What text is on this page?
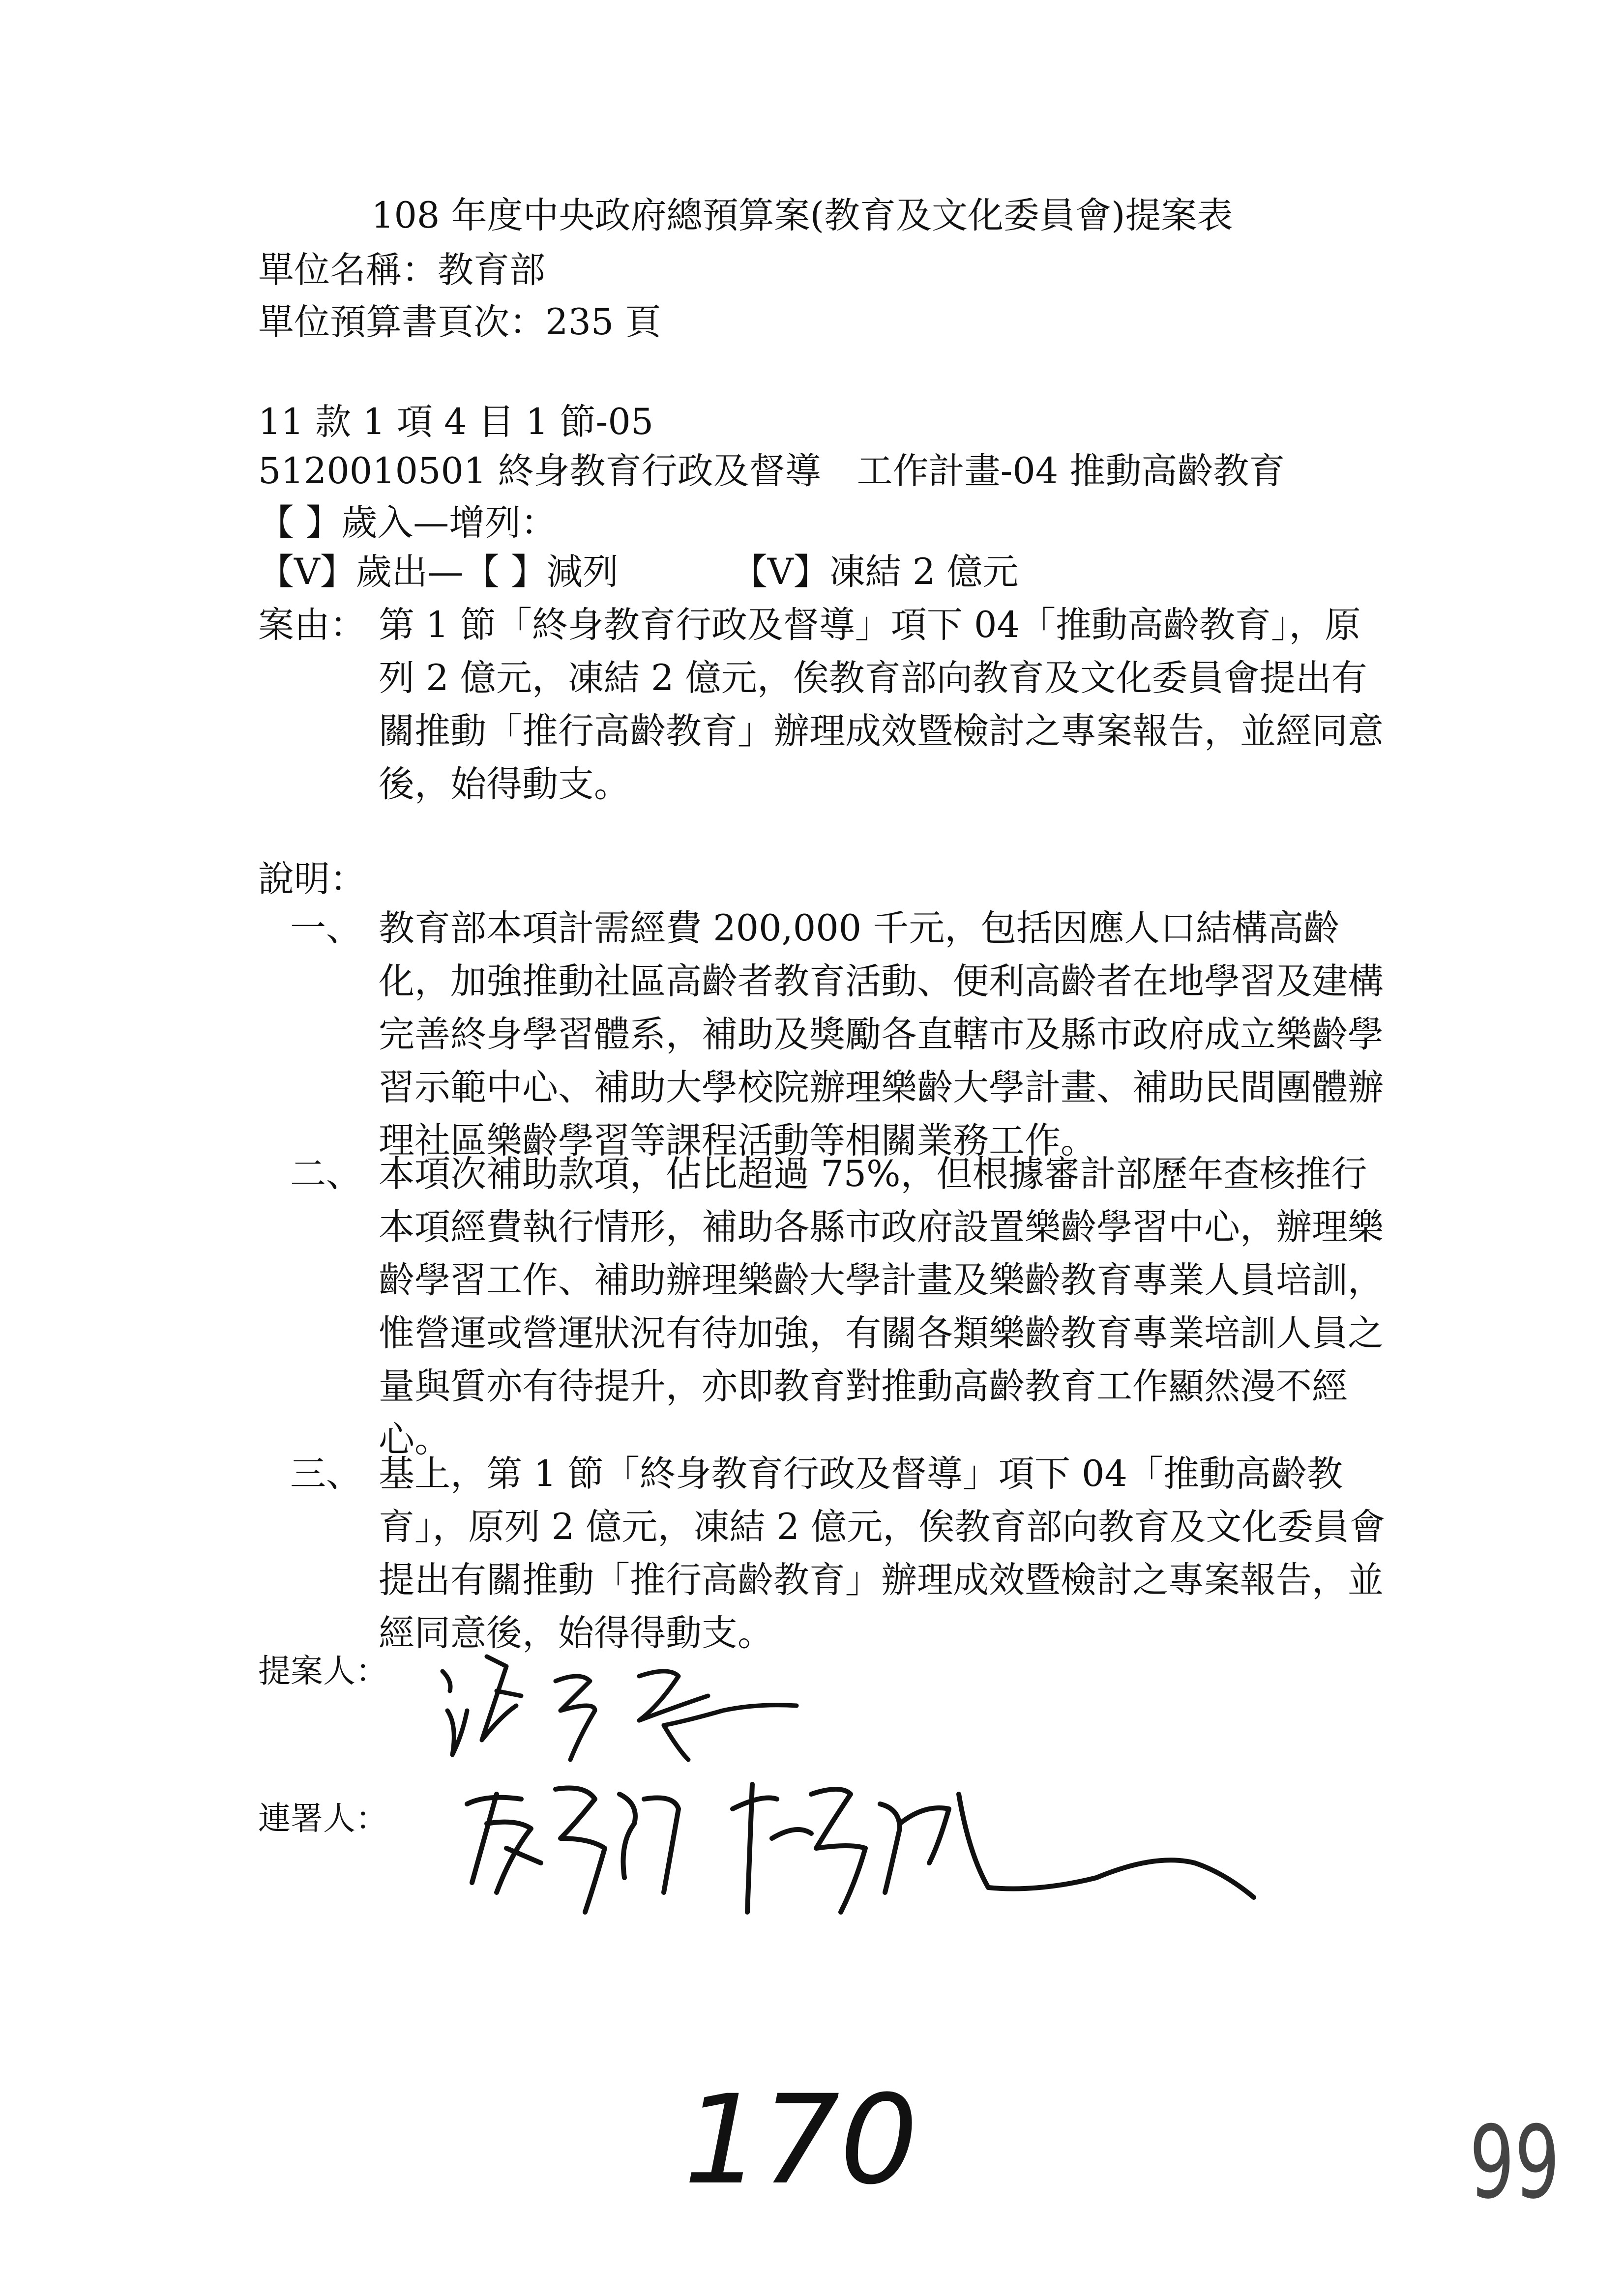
108 年度中央政府總預算案(教育及文化委員會)提案表
單位名稱：教育部
單位預算書頁次：235 頁
11 款 1 項 4 目 1 節-05
5120010501 終身教育行政及督導　工作計畫-04 推動高齡教育
【 】歲入—增列：
【V】歲出—【 】減列	【V】凍結 2 億元
案由： 第 1 節「終身教育行政及督導」項下 04「推動高齡教育」，原列 2 億元，凍結 2 億元，俟教育部向教育及文化委員會提出有關推動「推行高齡教育」辦理成效暨檢討之專案報告，並經同意後，始得動支。
說明：
一、 教育部本項計需經費 200,000 千元，包括因應人口結構高齡化，加強推動社區高齡者教育活動、便利高齡者在地學習及建構完善終身學習體系，補助及獎勵各直轄市及縣市政府成立樂齡學習示範中心、補助大學校院辦理樂齡大學計畫、補助民間團體辦理社區樂齡學習等課程活動等相關業務工作。
二、 本項次補助款項，佔比超過 75%，但根據審計部歷年查核推行本項經費執行情形，補助各縣市政府設置樂齡學習中心，辦理樂齡學習工作、補助辦理樂齡大學計畫及樂齡教育專業人員培訓，惟營運或營運狀況有待加強，有關各類樂齡教育專業培訓人員之量與質亦有待提升，亦即教育對推動高齡教育工作顯然漫不經心。
三、 基上，第 1 節「終身教育行政及督導」項下 04「推動高齡教育」，原列 2 億元，凍結 2 億元，俟教育部向教育及文化委員會提出有關推動「推行高齡教育」辦理成效暨檢討之專案報告，並經同意後，始得得動支。
提案人：
連署人：
170	99
